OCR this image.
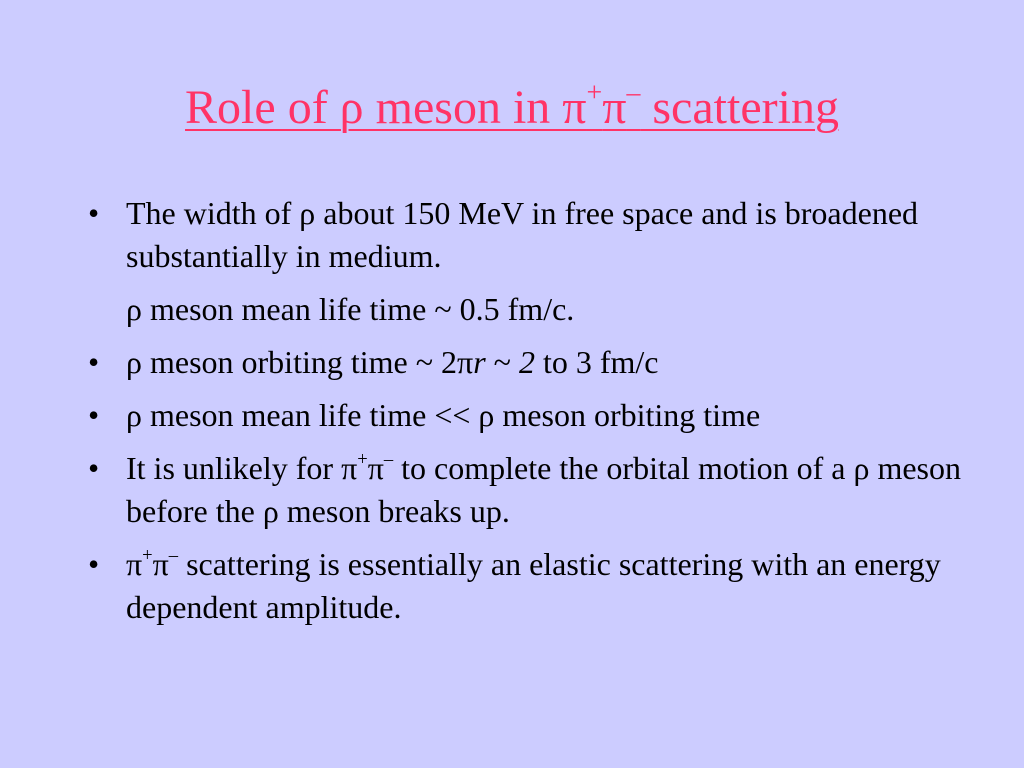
Role of ρ meson in π+π– scattering
• The width of ρ about 150 MeV in free space and is broadened substantially in medium.
ρ meson mean life time ~ 0.5 fm/c.
• ρ meson orbiting time ~ 2πr ~ 2 to 3 fm/c
• ρ meson mean life time << ρ meson orbiting time
• It is unlikely for π+π– to complete the orbital motion of a ρ meson before the ρ meson breaks up.
• π+π– scattering is essentially an elastic scattering with an energy dependent amplitude.
